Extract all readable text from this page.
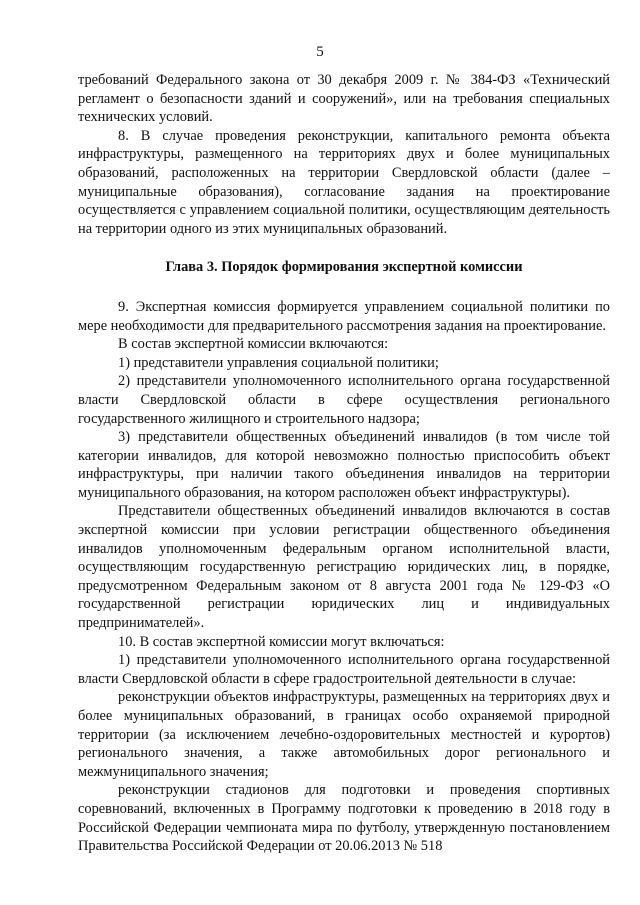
5

требований Федерального закона от 30 декабря 2009 г. № 384-ФЗ «Технический регламент о безопасности зданий и сооружений», или на требования специальных технических условий.

8. В случае проведения реконструкции, капитального ремонта объекта инфраструктуры, размещенного на территориях двух и более муниципальных образований, расположенных на территории Свердловской области (далее – муниципальные образования), согласование задания на проектирование осуществляется с управлением социальной политики, осуществляющим деятельность на территории одного из этих муниципальных образований.

Глава 3. Порядок формирования экспертной комиссии

9. Экспертная комиссия формируется управлением социальной политики по мере необходимости для предварительного рассмотрения задания на проектирование.

В состав экспертной комиссии включаются:

1) представители управления социальной политики;

2) представители уполномоченного исполнительного органа государственной власти Свердловской области в сфере осуществления регионального государственного жилищного и строительного надзора;

3) представители общественных объединений инвалидов (в том числе той категории инвалидов, для которой невозможно полностью приспособить объект инфраструктуры, при наличии такого объединения инвалидов на территории муниципального образования, на котором расположен объект инфраструктуры).

Представители общественных объединений инвалидов включаются в состав экспертной комиссии при условии регистрации общественного объединения инвалидов уполномоченным федеральным органом исполнительной власти, осуществляющим государственную регистрацию юридических лиц, в порядке, предусмотренном Федеральным законом от 8 августа 2001 года № 129-ФЗ «О государственной регистрации юридических лиц и индивидуальных предпринимателей».

10. В состав экспертной комиссии могут включаться:

1) представители уполномоченного исполнительного органа государственной власти Свердловской области в сфере градостроительной деятельности в случае:

реконструкции объектов инфраструктуры, размещенных на территориях двух и более муниципальных образований, в границах особо охраняемой природной территории (за исключением лечебно-оздоровительных местностей и курортов) регионального значения, а также автомобильных дорог регионального и межмуниципального значения;

реконструкции стадионов для подготовки и проведения спортивных соревнований, включенных в Программу подготовки к проведению в 2018 году в Российской Федерации чемпионата мира по футболу, утвержденную постановлением Правительства Российской Федерации от 20.06.2013 № 518
